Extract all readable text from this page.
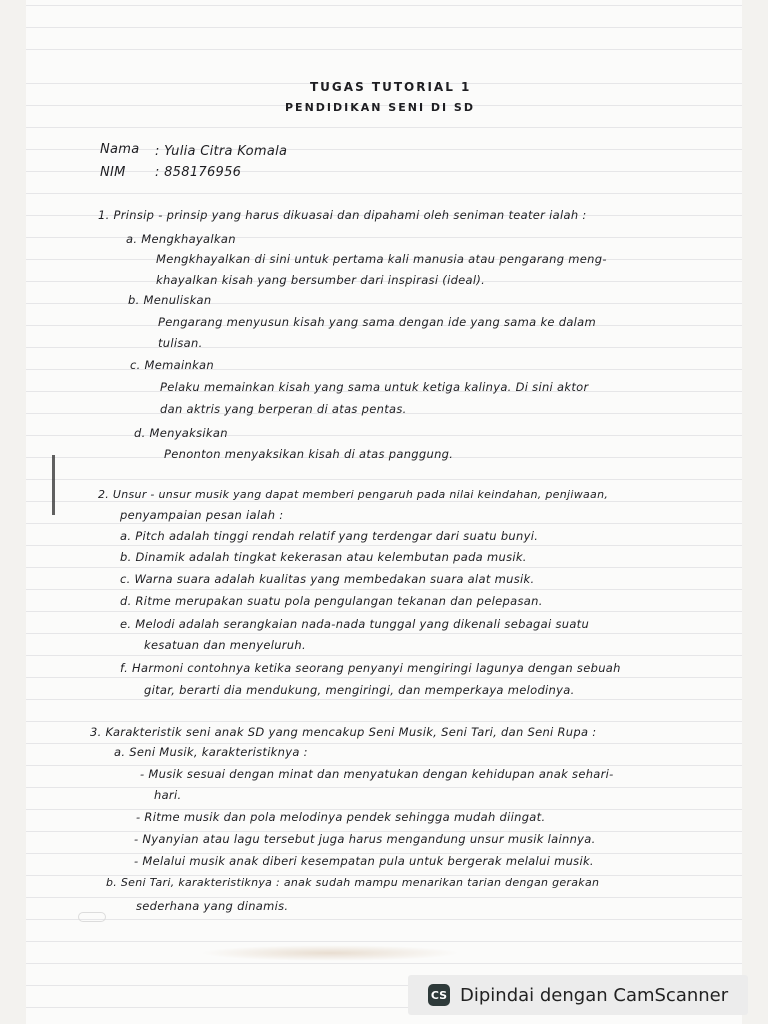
TUGAS TUTORIAL 1
PENDIDIKAN SENI DI SD
Nama : Yulia Citra Komala
NIM : 858176956
1. Prinsip - prinsip yang harus dikuasai dan dipahami oleh seniman teater ialah :
a. Mengkhayalkan
Mengkhayalkan di sini untuk pertama kali manusia atau pengarang meng-
khayalkan kisah yang bersumber dari inspirasi (ideal).
b. Menuliskan
Pengarang menyusun kisah yang sama dengan ide yang sama ke dalam
tulisan.
c. Memainkan
Pelaku memainkan kisah yang sama untuk ketiga kalinya. Di sini aktor
dan aktris yang berperan di atas pentas.
d. Menyaksikan
Penonton menyaksikan kisah di atas panggung.
2. Unsur - unsur musik yang dapat memberi pengaruh pada nilai keindahan, penjiwaan,
penyampaian pesan ialah :
a. Pitch adalah tinggi rendah relatif yang terdengar dari suatu bunyi.
b. Dinamik adalah tingkat kekerasan atau kelembutan pada musik.
c. Warna suara adalah kualitas yang membedakan suara alat musik.
d. Ritme merupakan suatu pola pengulangan tekanan dan pelepasan.
e. Melodi adalah serangkaian nada-nada tunggal yang dikenali sebagai suatu
kesatuan dan menyeluruh.
f. Harmoni contohnya ketika seorang penyanyi mengiringi lagunya dengan sebuah
gitar, berarti dia mendukung, mengiringi, dan memperkaya melodinya.
3. Karakteristik seni anak SD yang mencakup Seni Musik, Seni Tari, dan Seni Rupa :
a. Seni Musik, karakteristiknya :
- Musik sesuai dengan minat dan menyatukan dengan kehidupan anak sehari-
hari.
- Ritme musik dan pola melodinya pendek sehingga mudah diingat.
- Nyanyian atau lagu tersebut juga harus mengandung unsur musik lainnya.
- Melalui musik anak diberi kesempatan pula untuk bergerak melalui musik.
b. Seni Tari, karakteristiknya : anak sudah mampu menarikan tarian dengan gerakan
sederhana yang dinamis.
CS Dipindai dengan CamScanner
